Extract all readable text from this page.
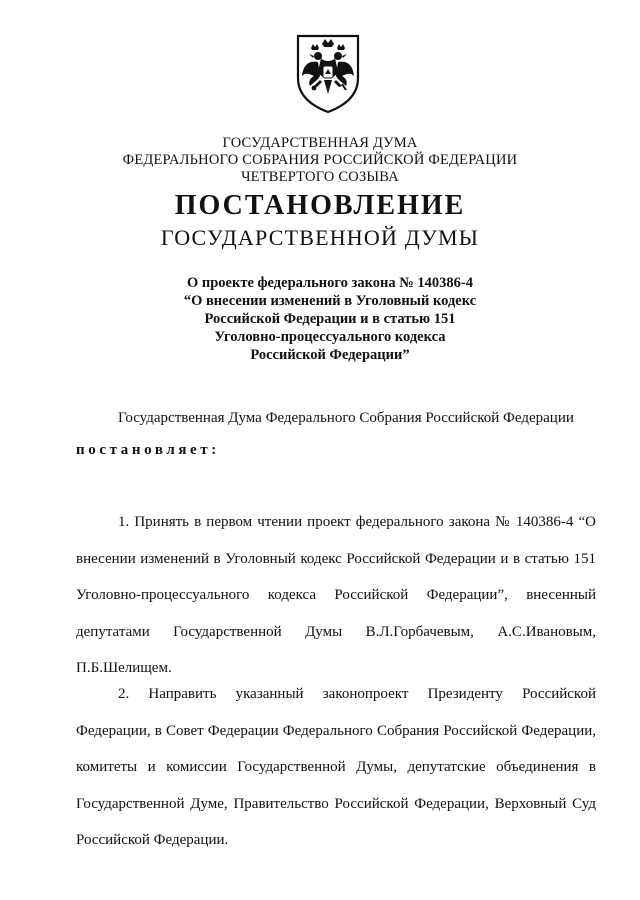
ГОСУДАРСТВЕННАЯ ДУМА
ФЕДЕРАЛЬНОГО СОБРАНИЯ РОССИЙСКОЙ ФЕДЕРАЦИИ
ЧЕТВЕРТОГО СОЗЫВА
ПОСТАНОВЛЕНИЕ
ГОСУДАРСТВЕННОЙ ДУМЫ
О проекте федерального закона № 140386-4
“О внесении изменений в Уголовный кодекс
Российской Федерации и в статью 151
Уголовно-процессуального кодекса
Российской Федерации”
Государственная Дума Федерального Собрания Российской Федерации
постановляет:
1. Принять в первом чтении проект федерального закона № 140386-4 “О внесении изменений в Уголовный кодекс Российской Федерации и в статью 151 Уголовно-процессуального кодекса Российской Федерации”, внесенный депутатами Государственной Думы В.Л.Горбачевым, А.С.Ивановым, П.Б.Шелищем.
2. Направить указанный законопроект Президенту Российской Федерации, в Совет Федерации Федерального Собрания Российской Федерации, комитеты и комиссии Государственной Думы, депутатские объединения в Государственной Думе, Правительство Российской Федерации, Верховный Суд Российской Федерации.
